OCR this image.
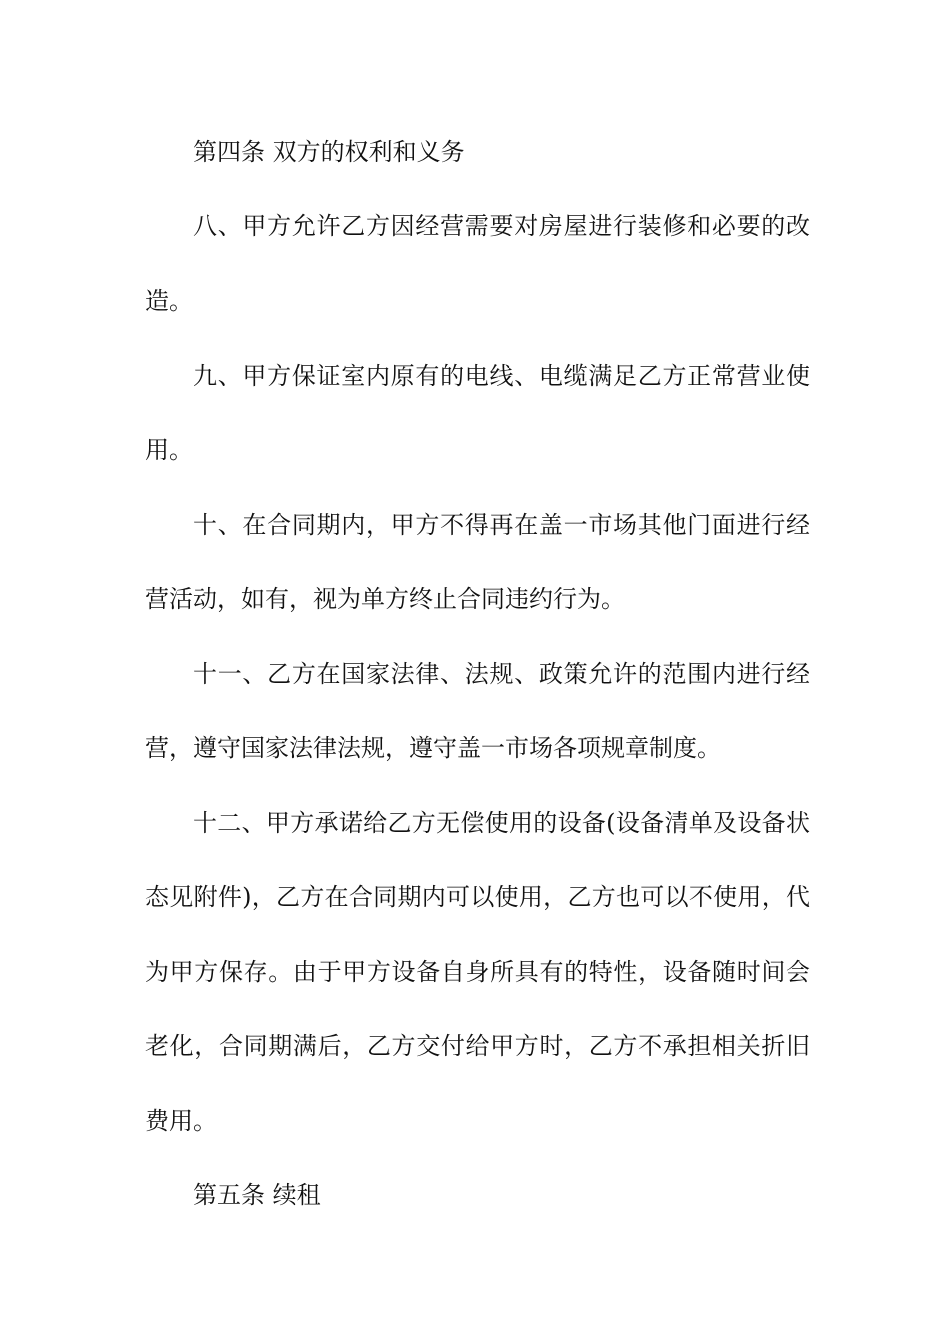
第四条 双方的权利和义务
八、甲方允许乙方因经营需要对房屋进行装修和必要的改
造。
九、甲方保证室内原有的电线、电缆满足乙方正常营业使
用。
十、在合同期内，甲方不得再在盖一市场其他门面进行经
营活动，如有，视为单方终止合同违约行为。
十一、乙方在国家法律、法规、政策允许的范围内进行经
营，遵守国家法律法规，遵守盖一市场各项规章制度。
十二、甲方承诺给乙方无偿使用的设备(设备清单及设备状
态见附件)，乙方在合同期内可以使用，乙方也可以不使用，代
为甲方保存。由于甲方设备自身所具有的特性，设备随时间会
老化，合同期满后，乙方交付给甲方时，乙方不承担相关折旧
费用。
第五条 续租
